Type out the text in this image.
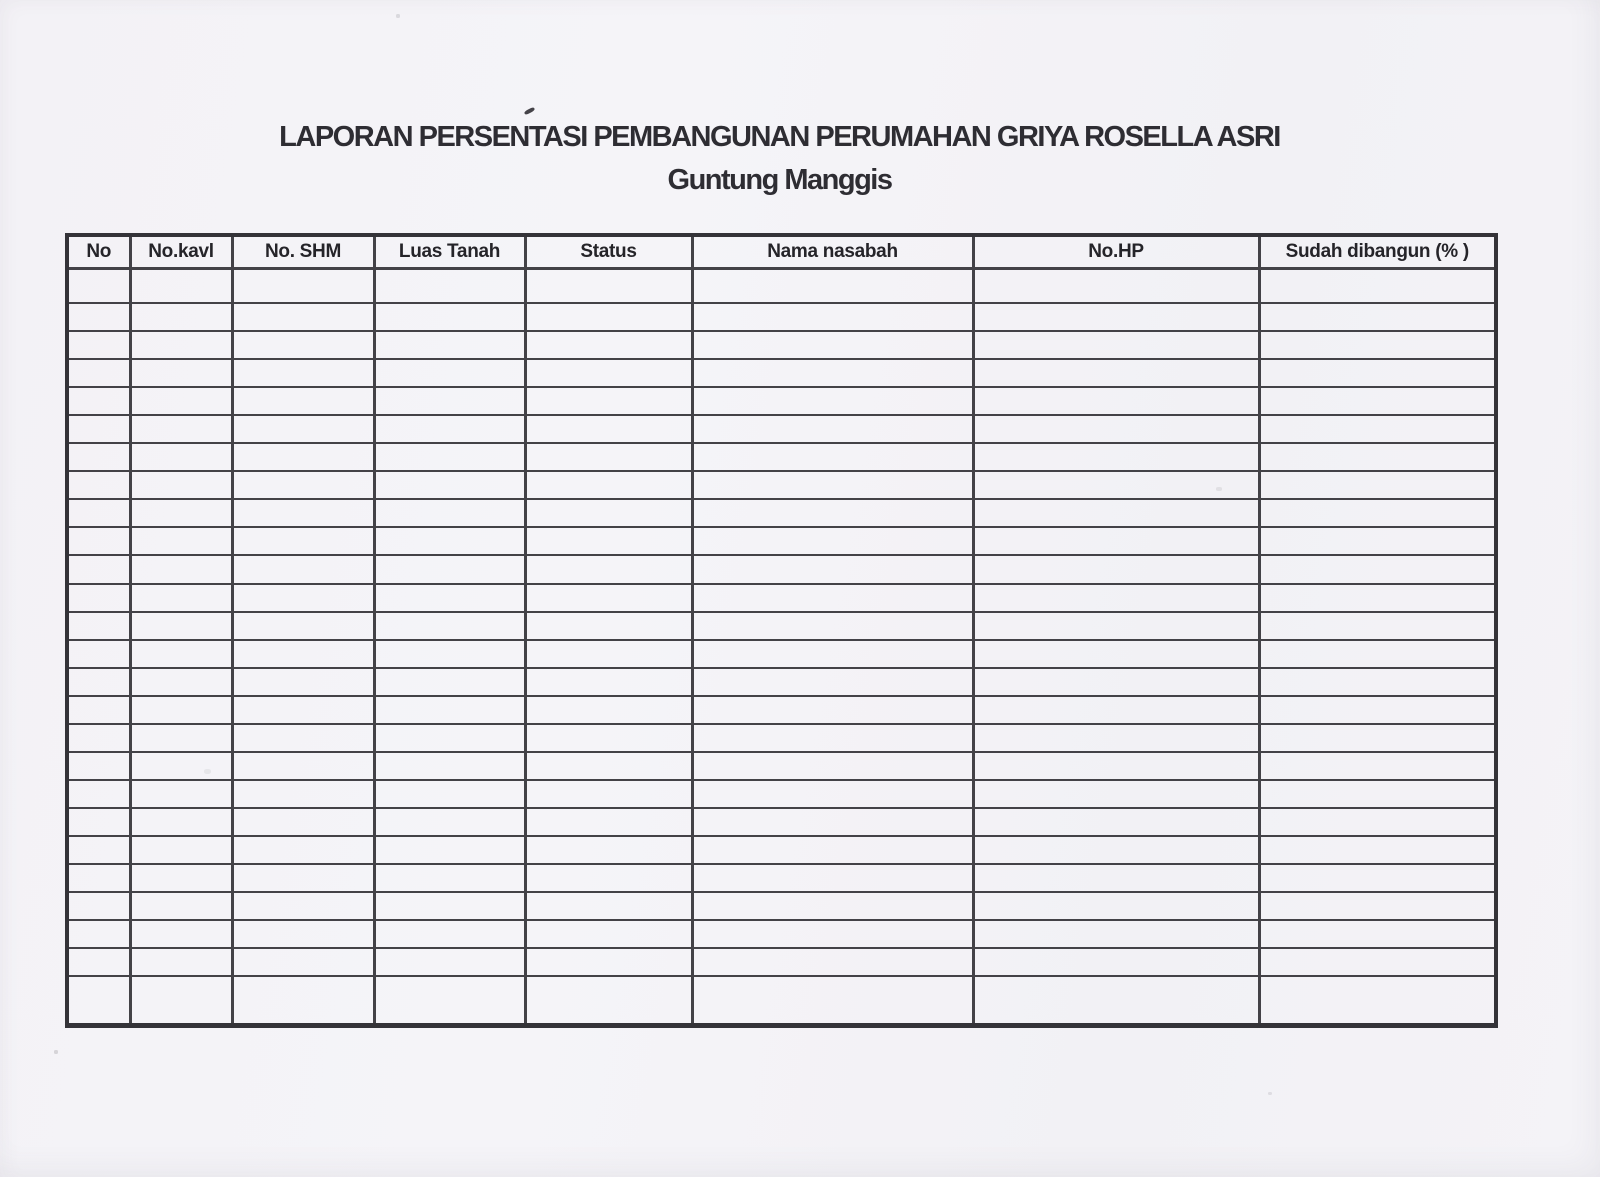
LAPORAN PERSENTASI PEMBANGUNAN PERUMAHAN GRIYA ROSELLA ASRI
Guntung Manggis
No	No.kavl	No. SHM	Luas Tanah	Status	Nama nasabah	No.HP	Sudah dibangun (% )
